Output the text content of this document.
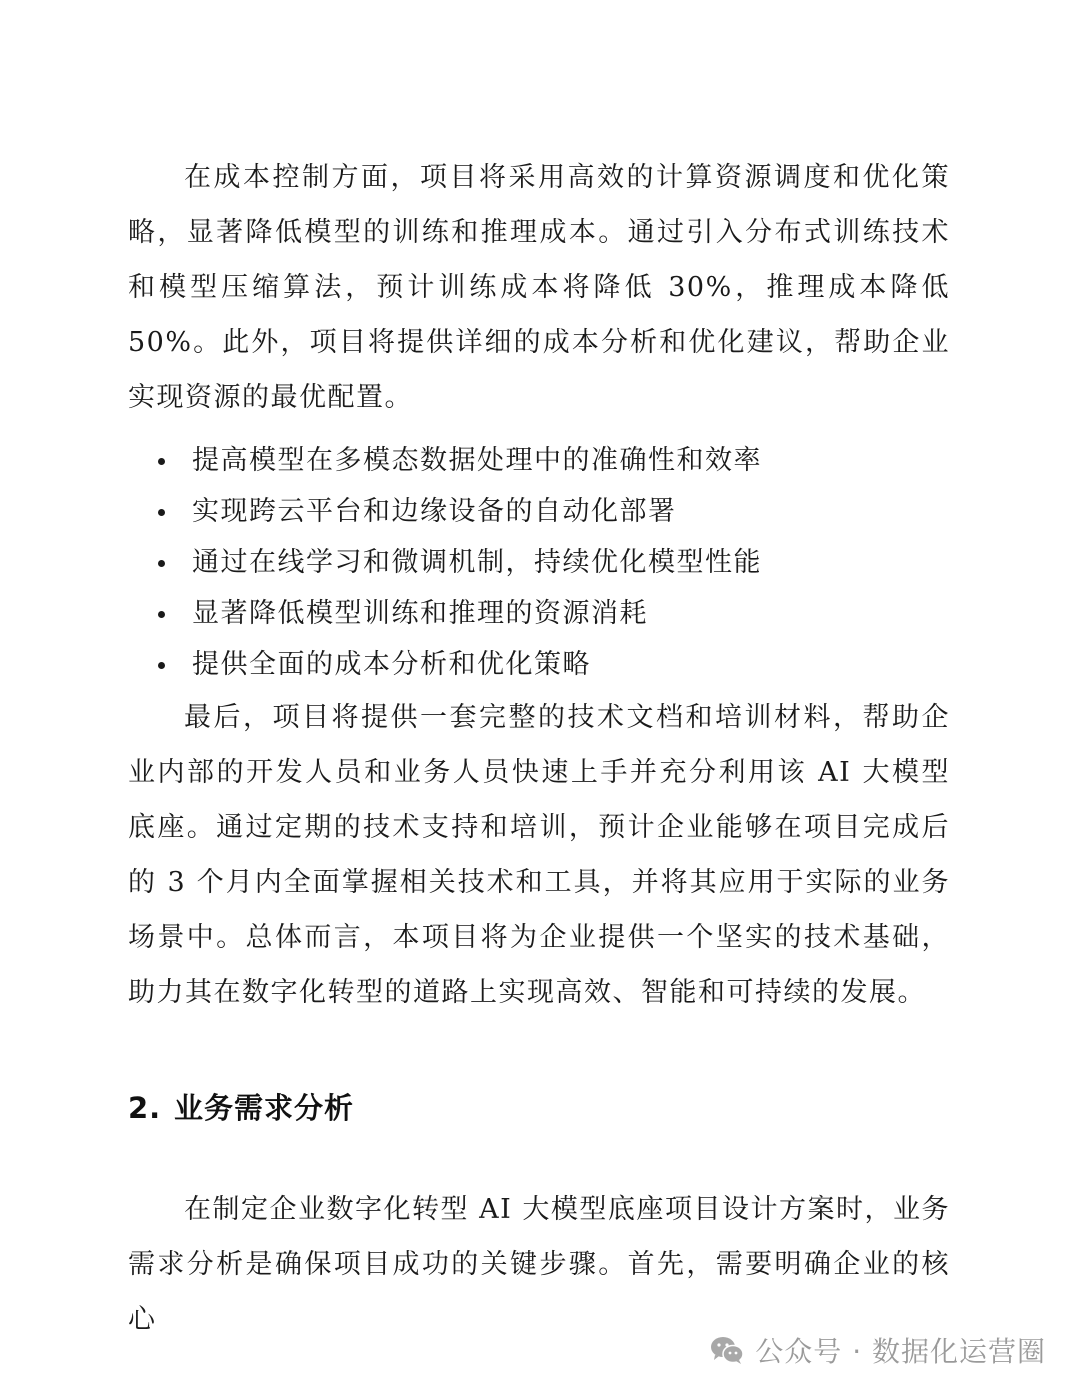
在成本控制方面，项目将采用高效的计算资源调度和优化策略，显著降低模型的训练和推理成本。通过引入分布式训练技术和模型压缩算法，预计训练成本将降低 30%，推理成本降低 50%。此外，项目将提供详细的成本分析和优化建议，帮助企业实现资源的最优配置。

提高模型在多模态数据处理中的准确性和效率
实现跨云平台和边缘设备的自动化部署
通过在线学习和微调机制，持续优化模型性能
显著降低模型训练和推理的资源消耗
提供全面的成本分析和优化策略

最后，项目将提供一套完整的技术文档和培训材料，帮助企业内部的开发人员和业务人员快速上手并充分利用该 AI 大模型底座。通过定期的技术支持和培训，预计企业能够在项目完成后的 3 个月内全面掌握相关技术和工具，并将其应用于实际的业务场景中。总体而言，本项目将为企业提供一个坚实的技术基础，助力其在数字化转型的道路上实现高效、智能和可持续的发展。

2. 业务需求分析

在制定企业数字化转型 AI 大模型底座项目设计方案时，业务需求分析是确保项目成功的关键步骤。首先，需要明确企业的核心

公众号 · 数据化运营圈
